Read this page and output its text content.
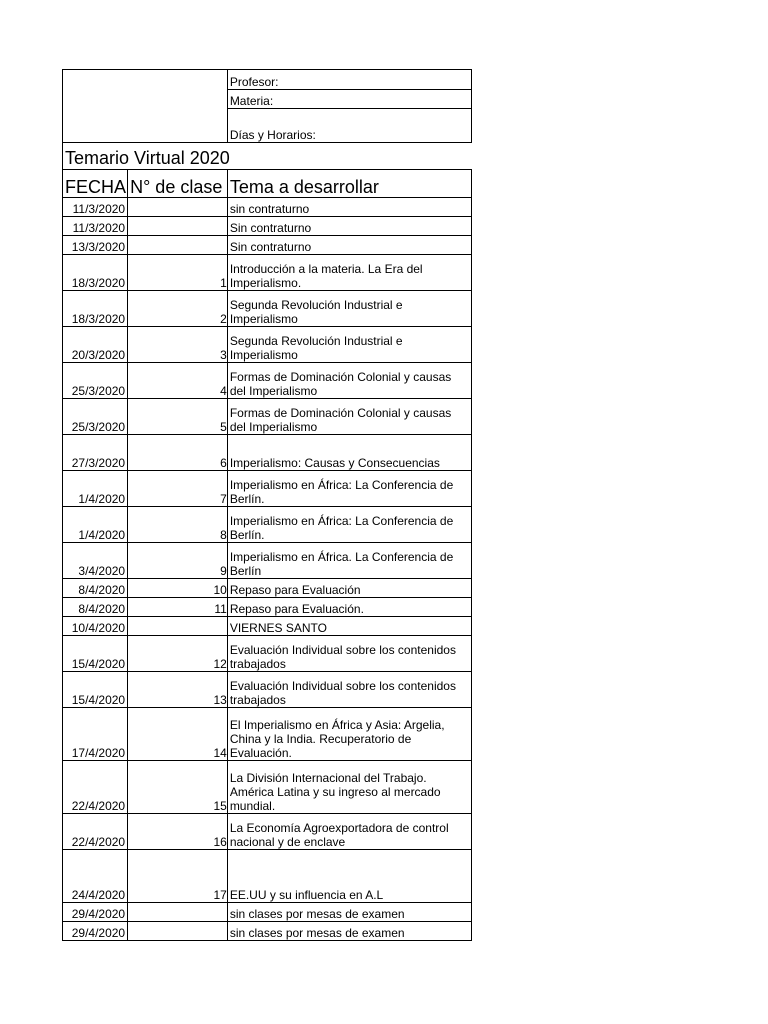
		Profesor:
		Materia:
		Días y Horarios:
Temario Virtual 2020		
FECHA	N° de clase	Tema a desarrollar
11/3/2020		sin contraturno
11/3/2020		Sin contraturno
13/3/2020		Sin contraturno
18/3/2020	1	Introducción a la materia. La Era del Imperialismo.
18/3/2020	2	Segunda Revolución Industrial e Imperialismo
20/3/2020	3	Segunda Revolución Industrial e Imperialismo
25/3/2020	4	Formas de Dominación Colonial y causas del Imperialismo
25/3/2020	5	Formas de Dominación Colonial y causas del Imperialismo
27/3/2020	6	Imperialismo: Causas y Consecuencias
1/4/2020	7	Imperialismo en África: La Conferencia de Berlín.
1/4/2020	8	Imperialismo en África: La Conferencia de Berlín.
3/4/2020	9	Imperialismo en África. La Conferencia de Berlín
8/4/2020	10	Repaso para Evaluación
8/4/2020	11	Repaso para Evaluación.
10/4/2020		VIERNES SANTO
15/4/2020	12	Evaluación Individual sobre los contenidos trabajados
15/4/2020	13	Evaluación Individual sobre los contenidos trabajados
17/4/2020	14	El Imperialismo en África y Asia: Argelia, China y la India. Recuperatorio de Evaluación.
22/4/2020	15	La División Internacional del Trabajo. América Latina y su ingreso al mercado mundial.
22/4/2020	16	La Economía Agroexportadora de control nacional y de enclave
24/4/2020	17	EE.UU y su influencia en A.L
29/4/2020		sin clases por mesas de examen
29/4/2020		sin clases por mesas de examen
